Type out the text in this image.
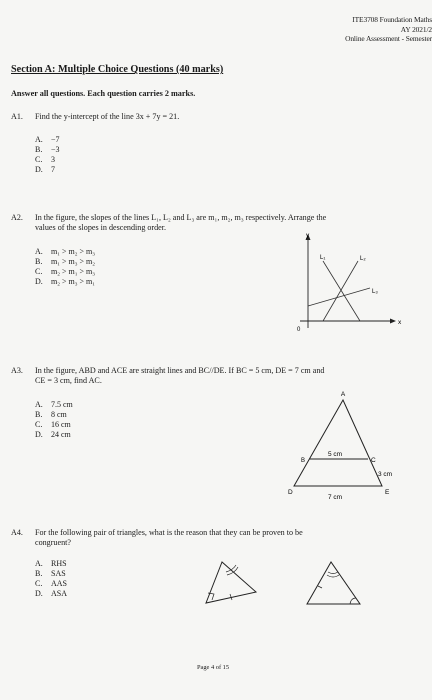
ITE3708 Foundation Maths
AY 2021/2
Online Assessment - Semester
Section A: Multiple Choice Questions (40 marks)
Answer all questions. Each question carries 2 marks.
A1. Find the y-intercept of the line 3x + 7y = 21.
A.	−7
B.	−3
C.	3
D.	7
A2. In the figure, the slopes of the lines L₁, L₂ and L₃ are m₁, m₂, m₃ respectively. Arrange the
values of the slopes in descending order.
A.	m₁ > m₂ > m₃
B.	m₁ > m₃ > m₂
C.	m₂ > m₁ > m₃
D.	m₂ > m₃ > m₁
y
x
0
L₁	L₂
L₃
A3. In the figure, ABD and ACE are straight lines and BC//DE. If BC = 5 cm, DE = 7 cm and
CE = 3 cm, find AC.
A.	7.5 cm
B.	8 cm
C.	16 cm
D.	24 cm
A
B	C
D	E
5 cm
3 cm
7 cm
A4. For the following pair of triangles, what is the reason that they can be proven to be
congruent?
A.	RHS
B.	SAS
C.	AAS
D.	ASA
Page 4 of 15
